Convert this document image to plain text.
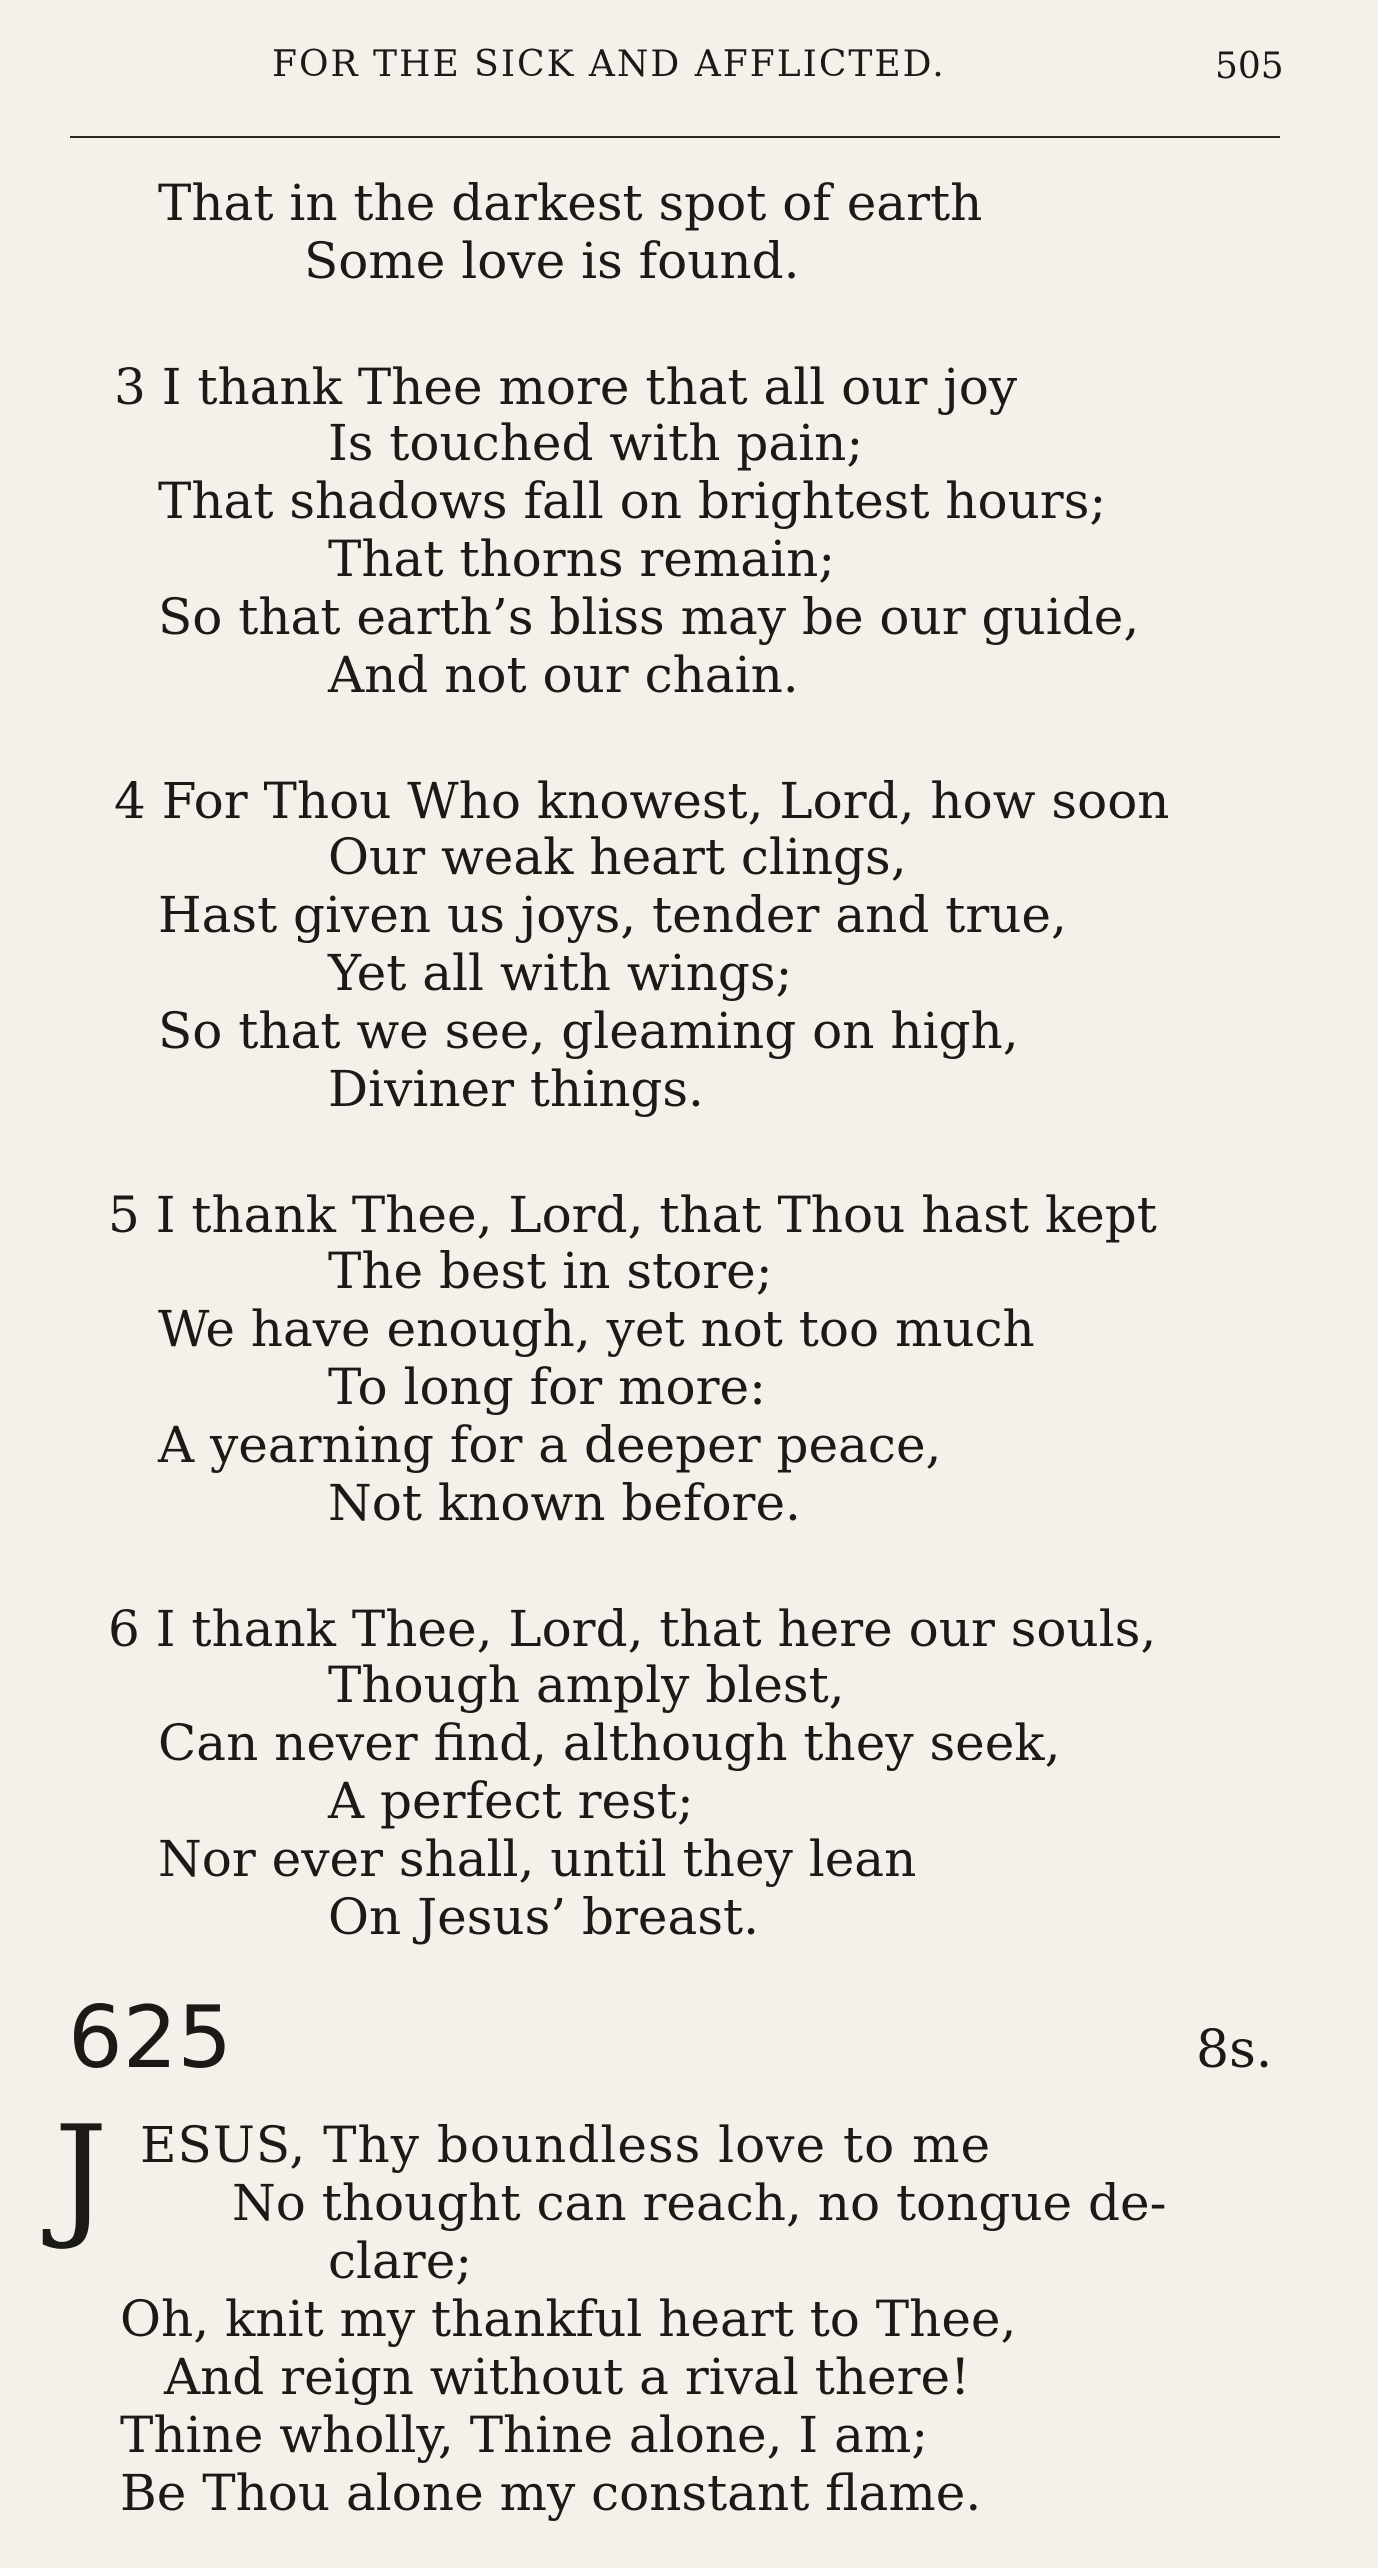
FOR THE SICK AND AFFLICTED.	505
That in the darkest spot of earth
Some love is found.
3 I thank Thee more that all our joy
Is touched with pain;
That shadows fall on brightest hours;
That thorns remain;
So that earth’s bliss may be our guide,
And not our chain.
4 For Thou Who knowest, Lord, how soon
Our weak heart clings,
Hast given us joys, tender and true,
Yet all with wings;
So that we see, gleaming on high,
Diviner things.
5 I thank Thee, Lord, that Thou hast kept
The best in store;
We have enough, yet not too much
To long for more:
A yearning for a deeper peace,
Not known before.
6 I thank Thee, Lord, that here our souls,
Though amply blest,
Can never find, although they seek,
A perfect rest;
Nor ever shall, until they lean
On Jesus’ breast.
625	8s.
J ESUS, Thy boundless love to me
No thought can reach, no tongue de-
clare;
Oh, knit my thankful heart to Thee,
And reign without a rival there!
Thine wholly, Thine alone, I am;
Be Thou alone my constant flame.
